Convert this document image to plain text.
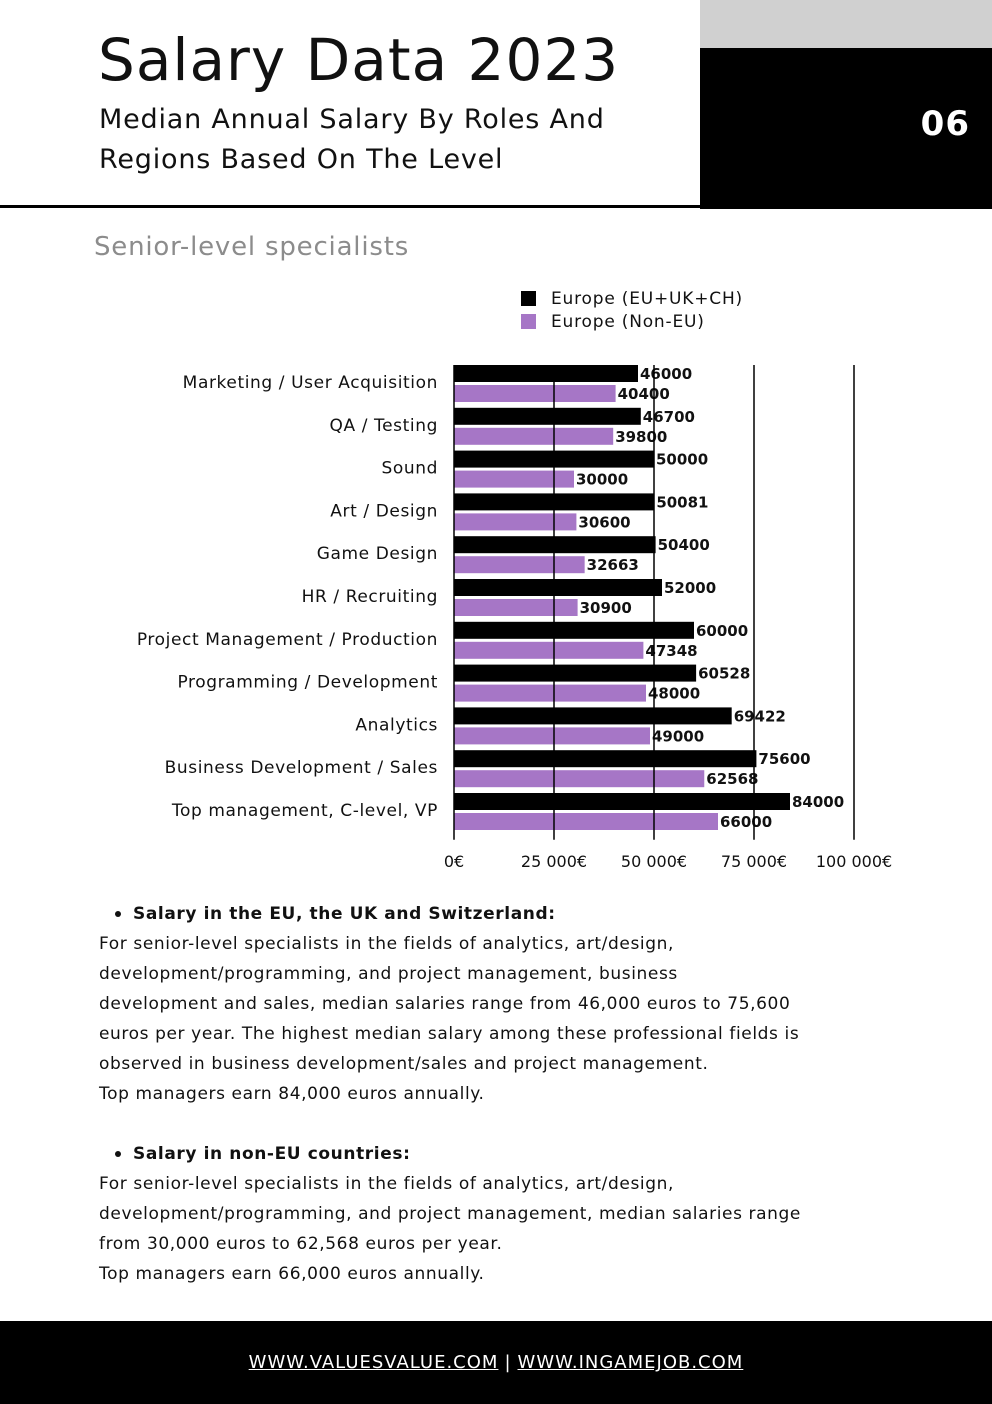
06
Salary Data 2023
Median Annual Salary By Roles And Regions Based On The Level
Senior-level specialists
Europe (EU+UK+CH)
Europe (Non-EU)
Marketing / User Acquisition	46000
40400
QA / Testing	46700
39800
Sound	50000
30000
Art / Design	50081
30600
Game Design	50400
32663
HR / Recruiting	52000
30900
Project Management / Production	60000
47348
Programming / Development	60528
48000
Analytics	69422
49000
Business Development / Sales	75600
62568
Top management, C-level, VP	84000
66000
0€	25 000€ 50 000€ 75 000€ 100 000€
Salary in the EU, the UK and Switzerland:

For senior-level specialists in the fields of analytics, art/design,

development/programming, and project management, business

development and sales, median salaries range from 46,000 euros to 75,600

euros per year. The highest median salary among these professional fields is

observed in business development/sales and project management.

Top managers earn 84,000 euros annually.

Salary in non-EU countries:

For senior-level specialists in the fields of analytics, art/design,

development/programming, and project management, median salaries range

from 30,000 euros to 62,568 euros per year.

Top managers earn 66,000 euros annually.

WWW.VALUESVALUE.COM | WWW.INGAMEJOB.COM
